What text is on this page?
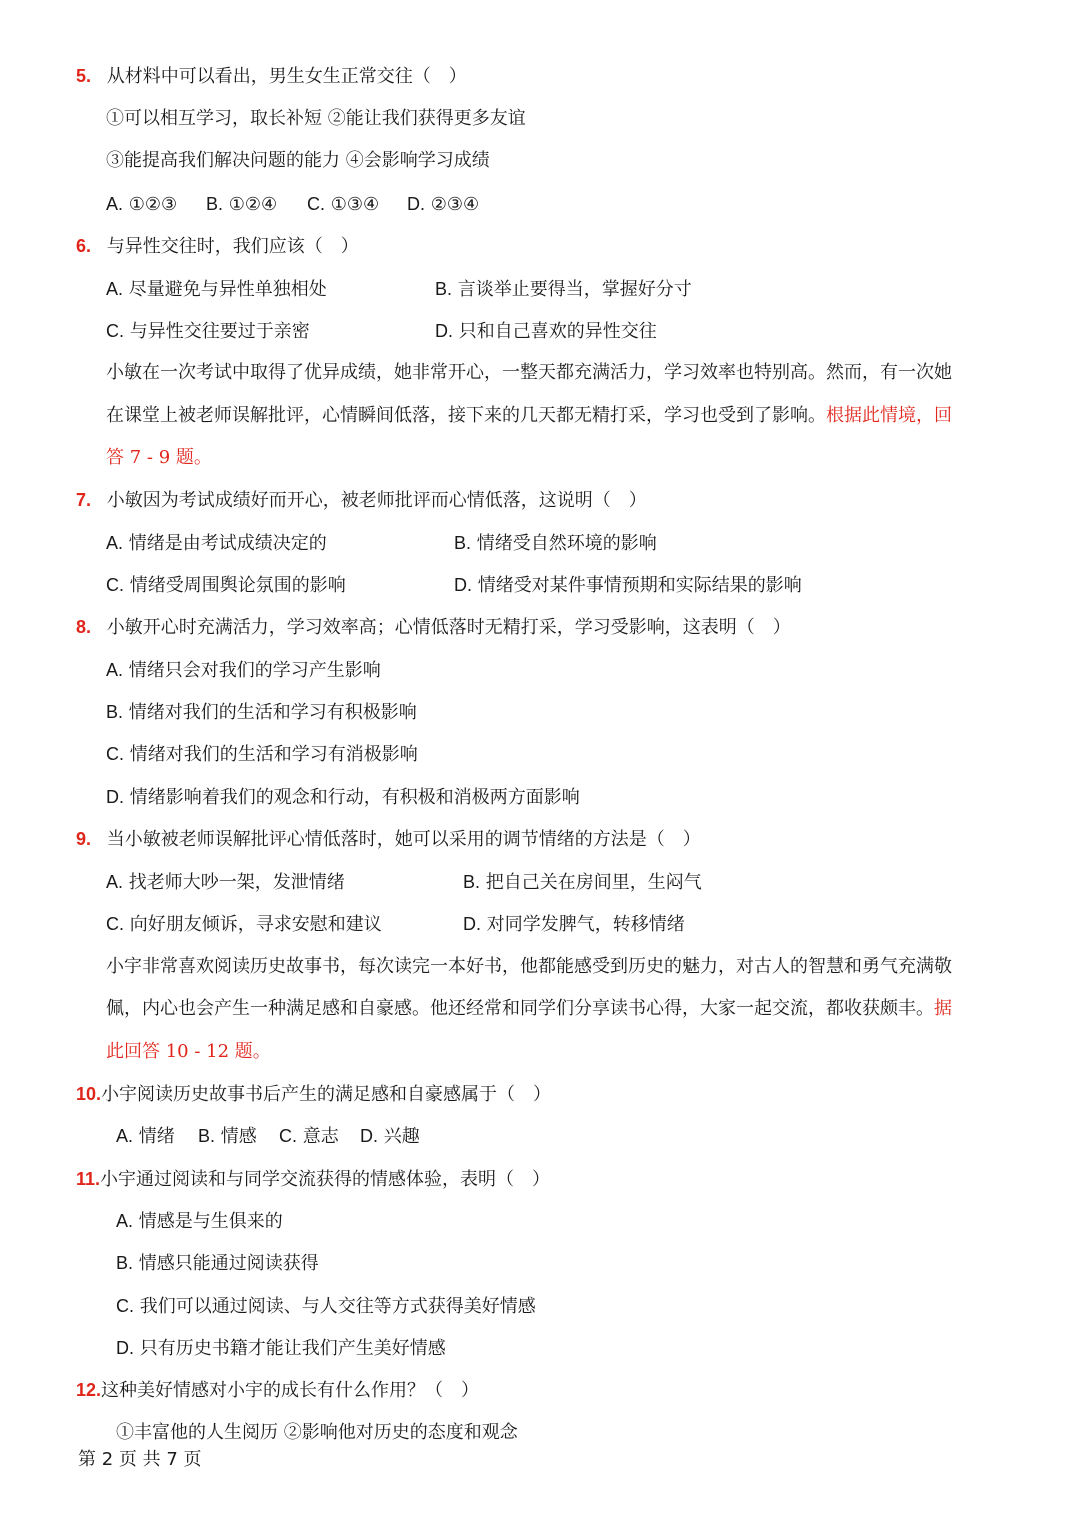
5. 从材料中可以看出，男生女生正常交往（　）
①可以相互学习，取长补短 ②能让我们获得更多友谊
③能提高我们解决问题的能力 ④会影响学习成绩
A. ①②③ B. ①②④ C. ①③④ D. ②③④
6. 与异性交往时，我们应该（　）
A. 尽量避免与异性单独相处	B. 言谈举止要得当，掌握好分寸
C. 与异性交往要过于亲密	D. 只和自己喜欢的异性交往
小敏在一次考试中取得了优异成绩，她非常开心，一整天都充满活力，学习效率也特别高。然而，有一次她
在课堂上被老师误解批评，心情瞬间低落，接下来的几天都无精打采，学习也受到了影响。根据此情境，回
答 7 - 9 题。
7. 小敏因为考试成绩好而开心，被老师批评而心情低落，这说明（　）
A. 情绪是由考试成绩决定的	B. 情绪受自然环境的影响
C. 情绪受周围舆论氛围的影响	D. 情绪受对某件事情预期和实际结果的影响
8. 小敏开心时充满活力，学习效率高；心情低落时无精打采，学习受影响，这表明（　）
A. 情绪只会对我们的学习产生影响
B. 情绪对我们的生活和学习有积极影响
C. 情绪对我们的生活和学习有消极影响
D. 情绪影响着我们的观念和行动，有积极和消极两方面影响
9. 当小敏被老师误解批评心情低落时，她可以采用的调节情绪的方法是（　）
A. 找老师大吵一架，发泄情绪	B. 把自己关在房间里，生闷气
C. 向好朋友倾诉，寻求安慰和建议	D. 对同学发脾气，转移情绪
小宇非常喜欢阅读历史故事书，每次读完一本好书，他都能感受到历史的魅力，对古人的智慧和勇气充满敬
佩，内心也会产生一种满足感和自豪感。他还经常和同学们分享读书心得，大家一起交流，都收获颇丰。据
此回答 10 - 12 题。
10.小宇阅读历史故事书后产生的满足感和自豪感属于（　）
A. 情绪 B. 情感 C. 意志 D. 兴趣
11.小宇通过阅读和与同学交流获得的情感体验，表明（　）
A. 情感是与生俱来的
B. 情感只能通过阅读获得
C. 我们可以通过阅读、与人交往等方式获得美好情感
D. 只有历史书籍才能让我们产生美好情感
12.这种美好情感对小宇的成长有什么作用？（　）
①丰富他的人生阅历 ②影响他对历史的态度和观念
第 2 页 共 7 页
